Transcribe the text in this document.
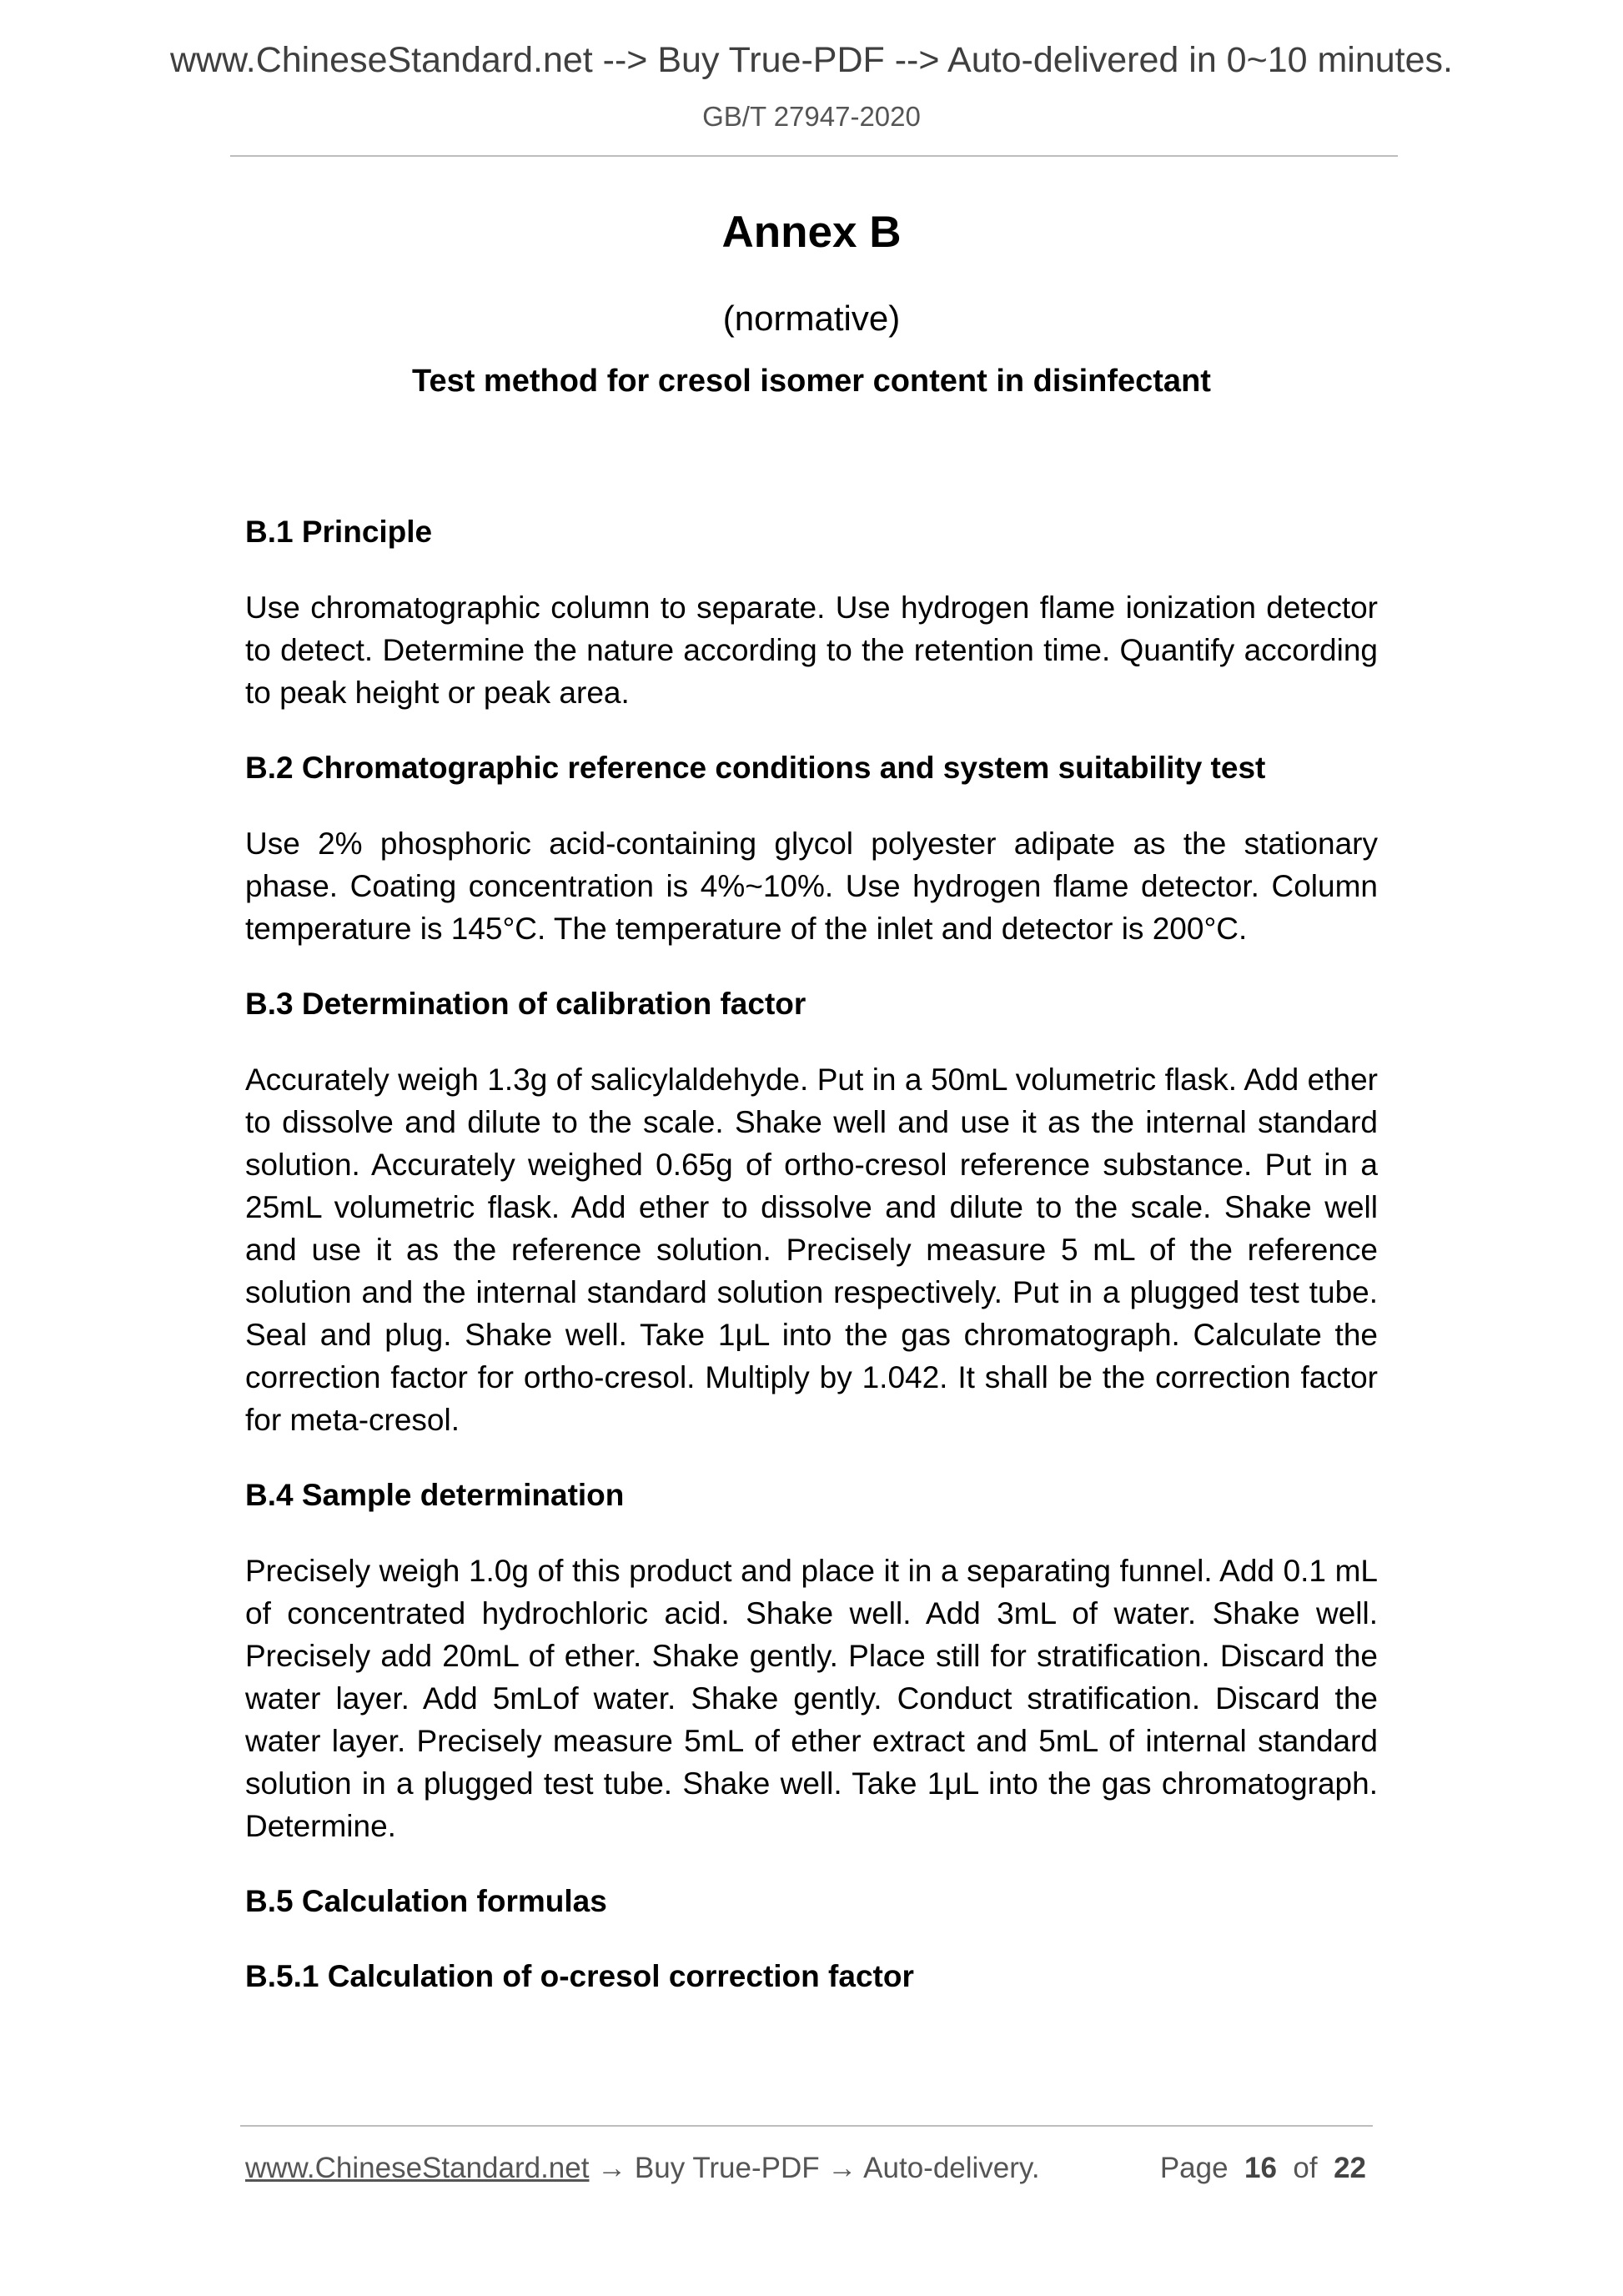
www.ChineseStandard.net --> Buy True-PDF --> Auto-delivered in 0~10 minutes.
GB/T 27947-2020
Annex B
(normative)
Test method for cresol isomer content in disinfectant
B.1 Principle

Use chromatographic column to separate. Use hydrogen flame ionization detector to detect. Determine the nature according to the retention time. Quantify according to peak height or peak area.

B.2 Chromatographic reference conditions and system suitability test

Use 2% phosphoric acid-containing glycol polyester adipate as the stationary phase. Coating concentration is 4%~10%. Use hydrogen flame detector. Column temperature is 145°C. The temperature of the inlet and detector is 200°C.

B.3 Determination of calibration factor

Accurately weigh 1.3g of salicylaldehyde. Put in a 50mL volumetric flask. Add ether to dissolve and dilute to the scale. Shake well and use it as the internal standard solution. Accurately weighed 0.65g of ortho-cresol reference substance. Put in a 25mL volumetric flask. Add ether to dissolve and dilute to the scale. Shake well and use it as the reference solution. Precisely measure 5 mL of the reference solution and the internal standard solution respectively. Put in a plugged test tube. Seal and plug. Shake well. Take 1μL into the gas chromatograph. Calculate the correction factor for ortho-cresol. Multiply by 1.042. It shall be the correction factor for meta-cresol.

B.4 Sample determination

Precisely weigh 1.0g of this product and place it in a separating funnel. Add 0.1 mL of concentrated hydrochloric acid. Shake well. Add 3mL of water. Shake well. Precisely add 20mL of ether. Shake gently. Place still for stratification. Discard the water layer. Add 5mLof water. Shake gently. Conduct stratification. Discard the water layer. Precisely measure 5mL of ether extract and 5mL of internal standard solution in a plugged test tube. Shake well. Take 1μL into the gas chromatograph. Determine.

B.5 Calculation formulas
B.5.1 Calculation of o-cresol correction factor
www.ChineseStandard.net → Buy True-PDF → Auto-delivery.	Page 16 of 22
